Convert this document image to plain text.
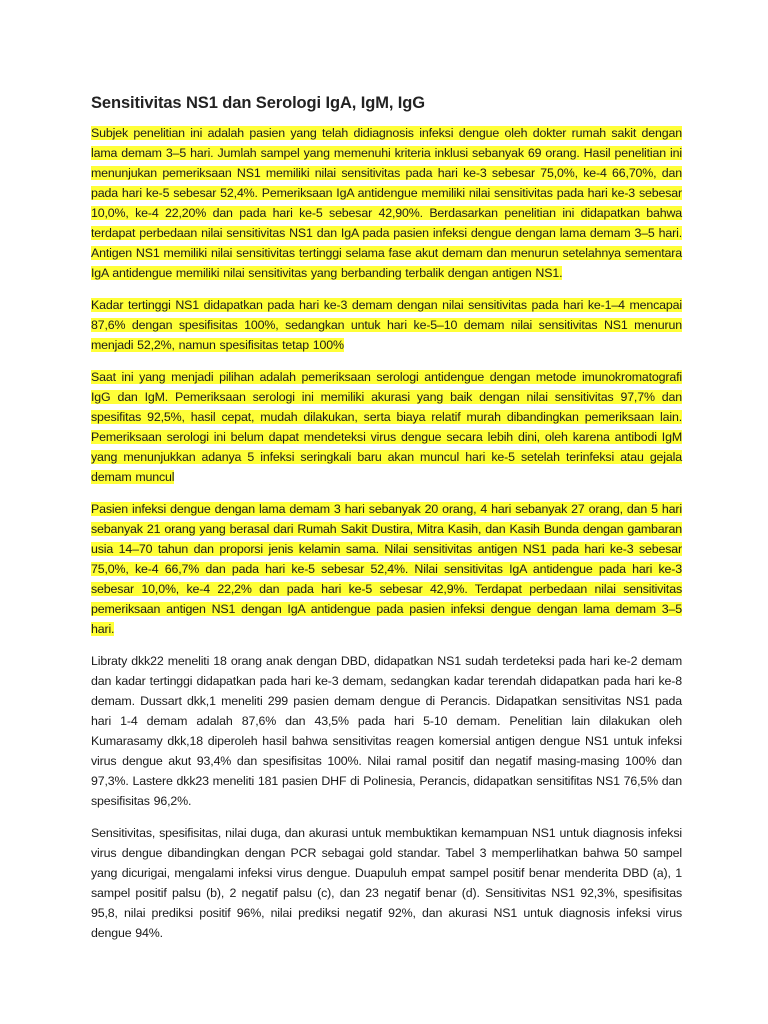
Sensitivitas NS1 dan Serologi IgA, IgM, IgG

Subjek penelitian ini adalah pasien yang telah didiagnosis infeksi dengue oleh dokter rumah sakit dengan lama demam 3–5 hari. Jumlah sampel yang memenuhi kriteria inklusi sebanyak 69 orang. Hasil penelitian ini menunjukan pemeriksaan NS1 memiliki nilai sensitivitas pada hari ke-3 sebesar 75,0%, ke-4 66,70%, dan pada hari ke-5 sebesar 52,4%. Pemeriksaan IgA antidengue memiliki nilai sensitivitas pada hari ke-3 sebesar 10,0%, ke-4 22,20% dan pada hari ke-5 sebesar 42,90%. Berdasarkan penelitian ini didapatkan bahwa terdapat perbedaan nilai sensitivitas NS1 dan IgA pada pasien infeksi dengue dengan lama demam 3–5 hari. Antigen NS1 memiliki nilai sensitivitas tertinggi selama fase akut demam dan menurun setelahnya sementara IgA antidengue memiliki nilai sensitivitas yang berbanding terbalik dengan antigen NS1.

Kadar tertinggi NS1 didapatkan pada hari ke-3 demam dengan nilai sensitivitas pada hari ke-1–4 mencapai 87,6% dengan spesifisitas 100%, sedangkan untuk hari ke-5–10 demam nilai sensitivitas NS1 menurun menjadi 52,2%, namun spesifisitas tetap 100%

Saat ini yang menjadi pilihan adalah pemeriksaan serologi antidengue dengan metode imunokromatografi IgG dan IgM. Pemeriksaan serologi ini memiliki akurasi yang baik dengan nilai sensitivitas 97,7% dan spesifitas 92,5%, hasil cepat, mudah dilakukan, serta biaya relatif murah dibandingkan pemeriksaan lain. Pemeriksaan serologi ini belum dapat mendeteksi virus dengue secara lebih dini, oleh karena antibodi IgM yang menunjukkan adanya 5 infeksi seringkali baru akan muncul hari ke-5 setelah terinfeksi atau gejala demam muncul

Pasien infeksi dengue dengan lama demam 3 hari sebanyak 20 orang, 4 hari sebanyak 27 orang, dan 5 hari sebanyak 21 orang yang berasal dari Rumah Sakit Dustira, Mitra Kasih, dan Kasih Bunda dengan gambaran usia 14–70 tahun dan proporsi jenis kelamin sama. Nilai sensitivitas antigen NS1 pada hari ke-3 sebesar 75,0%, ke-4 66,7% dan pada hari ke-5 sebesar 52,4%. Nilai sensitivitas IgA antidengue pada hari ke-3 sebesar 10,0%, ke-4 22,2% dan pada hari ke-5 sebesar 42,9%. Terdapat perbedaan nilai sensitivitas pemeriksaan antigen NS1 dengan IgA antidengue pada pasien infeksi dengue dengan lama demam 3–5 hari.

Libraty dkk22 meneliti 18 orang anak dengan DBD, didapatkan NS1 sudah terdeteksi pada hari ke-2 demam dan kadar tertinggi didapatkan pada hari ke-3 demam, sedangkan kadar terendah didapatkan pada hari ke-8 demam. Dussart dkk,1 meneliti 299 pasien demam dengue di Perancis. Didapatkan sensitivitas NS1 pada hari 1-4 demam adalah 87,6% dan 43,5% pada hari 5-10 demam. Penelitian lain dilakukan oleh Kumarasamy dkk,18 diperoleh hasil bahwa sensitivitas reagen komersial antigen dengue NS1 untuk infeksi virus dengue akut 93,4% dan spesifisitas 100%. Nilai ramal positif dan negatif masing-masing 100% dan 97,3%. Lastere dkk23 meneliti 181 pasien DHF di Polinesia, Perancis, didapatkan sensitifitas NS1 76,5% dan spesifisitas 96,2%.

Sensitivitas, spesifisitas, nilai duga, dan akurasi untuk membuktikan kemampuan NS1 untuk diagnosis infeksi virus dengue dibandingkan dengan PCR sebagai gold standar. Tabel 3 memperlihatkan bahwa 50 sampel yang dicurigai, mengalami infeksi virus dengue. Duapuluh empat sampel positif benar menderita DBD (a), 1 sampel positif palsu (b), 2 negatif palsu (c), dan 23 negatif benar (d). Sensitivitas NS1 92,3%, spesifisitas 95,8, nilai prediksi positif 96%, nilai prediksi negatif 92%, dan akurasi NS1 untuk diagnosis infeksi virus dengue 94%.
